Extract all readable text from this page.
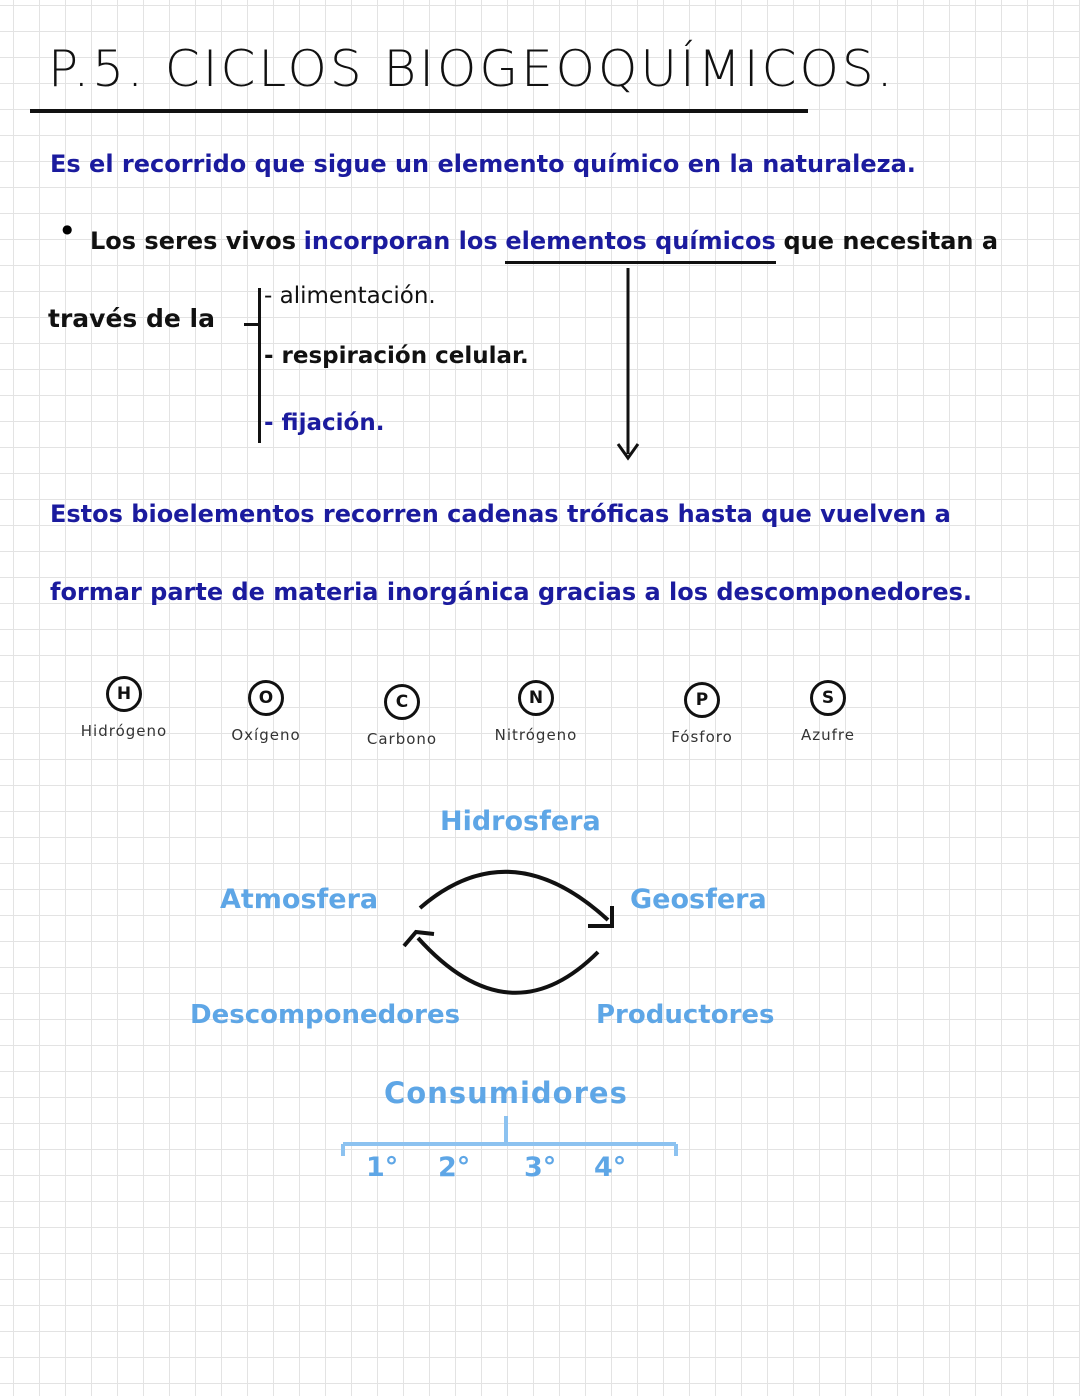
P.5. CICLOS BIOGEOQUÍMICOS.
Es el recorrido que sigue un elemento químico en la naturaleza.
● Los seres vivos incorporan los elementos químicos que necesitan a
través de la
- alimentación.
- respiración celular.
- fijación.
Estos bioelementos recorren cadenas tróficas hasta que vuelven a
formar parte de materia inorgánica gracias a los descomponedores.
H
Hidrógeno
O
Oxígeno
C
Carbono
N
Nitrógeno
P
Fósforo
S
Azufre
Hidrosfera
Atmosfera	Geosfera
Descomponedores	Productores
Consumidores
1° 2° 3° 4°
